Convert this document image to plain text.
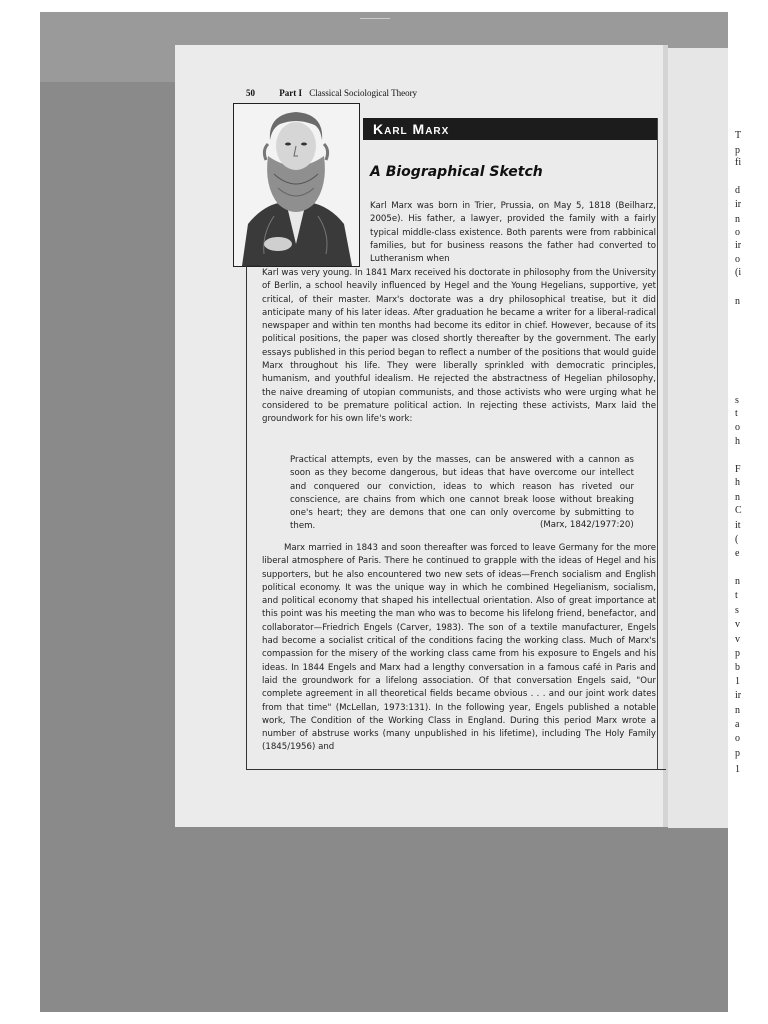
T
p
fi
d
ir
n
o
ir
o
(i
n
s
t
o
h
F
h
n
C
it
(
e
n
t
s
v
v
p
b
1
ir
n
a
o
p
1
50	Part I Classical Sociological Theory
Karl Marx
A Biographical Sketch

Karl Marx was born in Trier, Prussia, on May 5, 1818 (Beilharz, 2005e). His father, a lawyer, provided the family with a fairly typical middle-class existence. Both parents were from rabbinical families, but for business reasons the father had converted to Lutheranism when

Karl was very young. In 1841 Marx received his doctorate in philosophy from the University of Berlin, a school heavily influenced by Hegel and the Young Hegelians, supportive, yet critical, of their master. Marx's doctorate was a dry philosophical treatise, but it did anticipate many of his later ideas. After graduation he became a writer for a liberal-radical newspaper and within ten months had become its editor in chief. However, because of its political positions, the paper was closed shortly thereafter by the government. The early essays published in this period began to reflect a number of the positions that would guide Marx throughout his life. They were liberally sprinkled with democratic principles, humanism, and youthful idealism. He rejected the abstractness of Hegelian philosophy, the naive dreaming of utopian communists, and those activists who were urging what he considered to be premature political action. In rejecting these activists, Marx laid the groundwork for his own life's work:

Practical attempts, even by the masses, can be answered with a cannon as soon as they become dangerous, but ideas that have overcome our intellect and conquered our conviction, ideas to which reason has riveted our conscience, are chains from which one cannot break loose without breaking one's heart; they are demons that one can only overcome by submitting to them.	(Marx, 1842/1977:20)

Marx married in 1843 and soon thereafter was forced to leave Germany for the more liberal atmosphere of Paris. There he continued to grapple with the ideas of Hegel and his supporters, but he also encountered two new sets of ideas—French socialism and English political economy. It was the unique way in which he combined Hegelianism, socialism, and political economy that shaped his intellectual orientation. Also of great importance at this point was his meeting the man who was to become his lifelong friend, benefactor, and collaborator—Friedrich Engels (Carver, 1983). The son of a textile manufacturer, Engels had become a socialist critical of the conditions facing the working class. Much of Marx's compassion for the misery of the working class came from his exposure to Engels and his ideas. In 1844 Engels and Marx had a lengthy conversation in a famous café in Paris and laid the groundwork for a lifelong association. Of that conversation Engels said, "Our complete agreement in all theoretical fields became obvious . . . and our joint work dates from that time" (McLellan, 1973:131). In the following year, Engels published a notable work, The Condition of the Working Class in England. During this period Marx wrote a number of abstruse works (many unpublished in his lifetime), including The Holy Family (1845/1956) and
